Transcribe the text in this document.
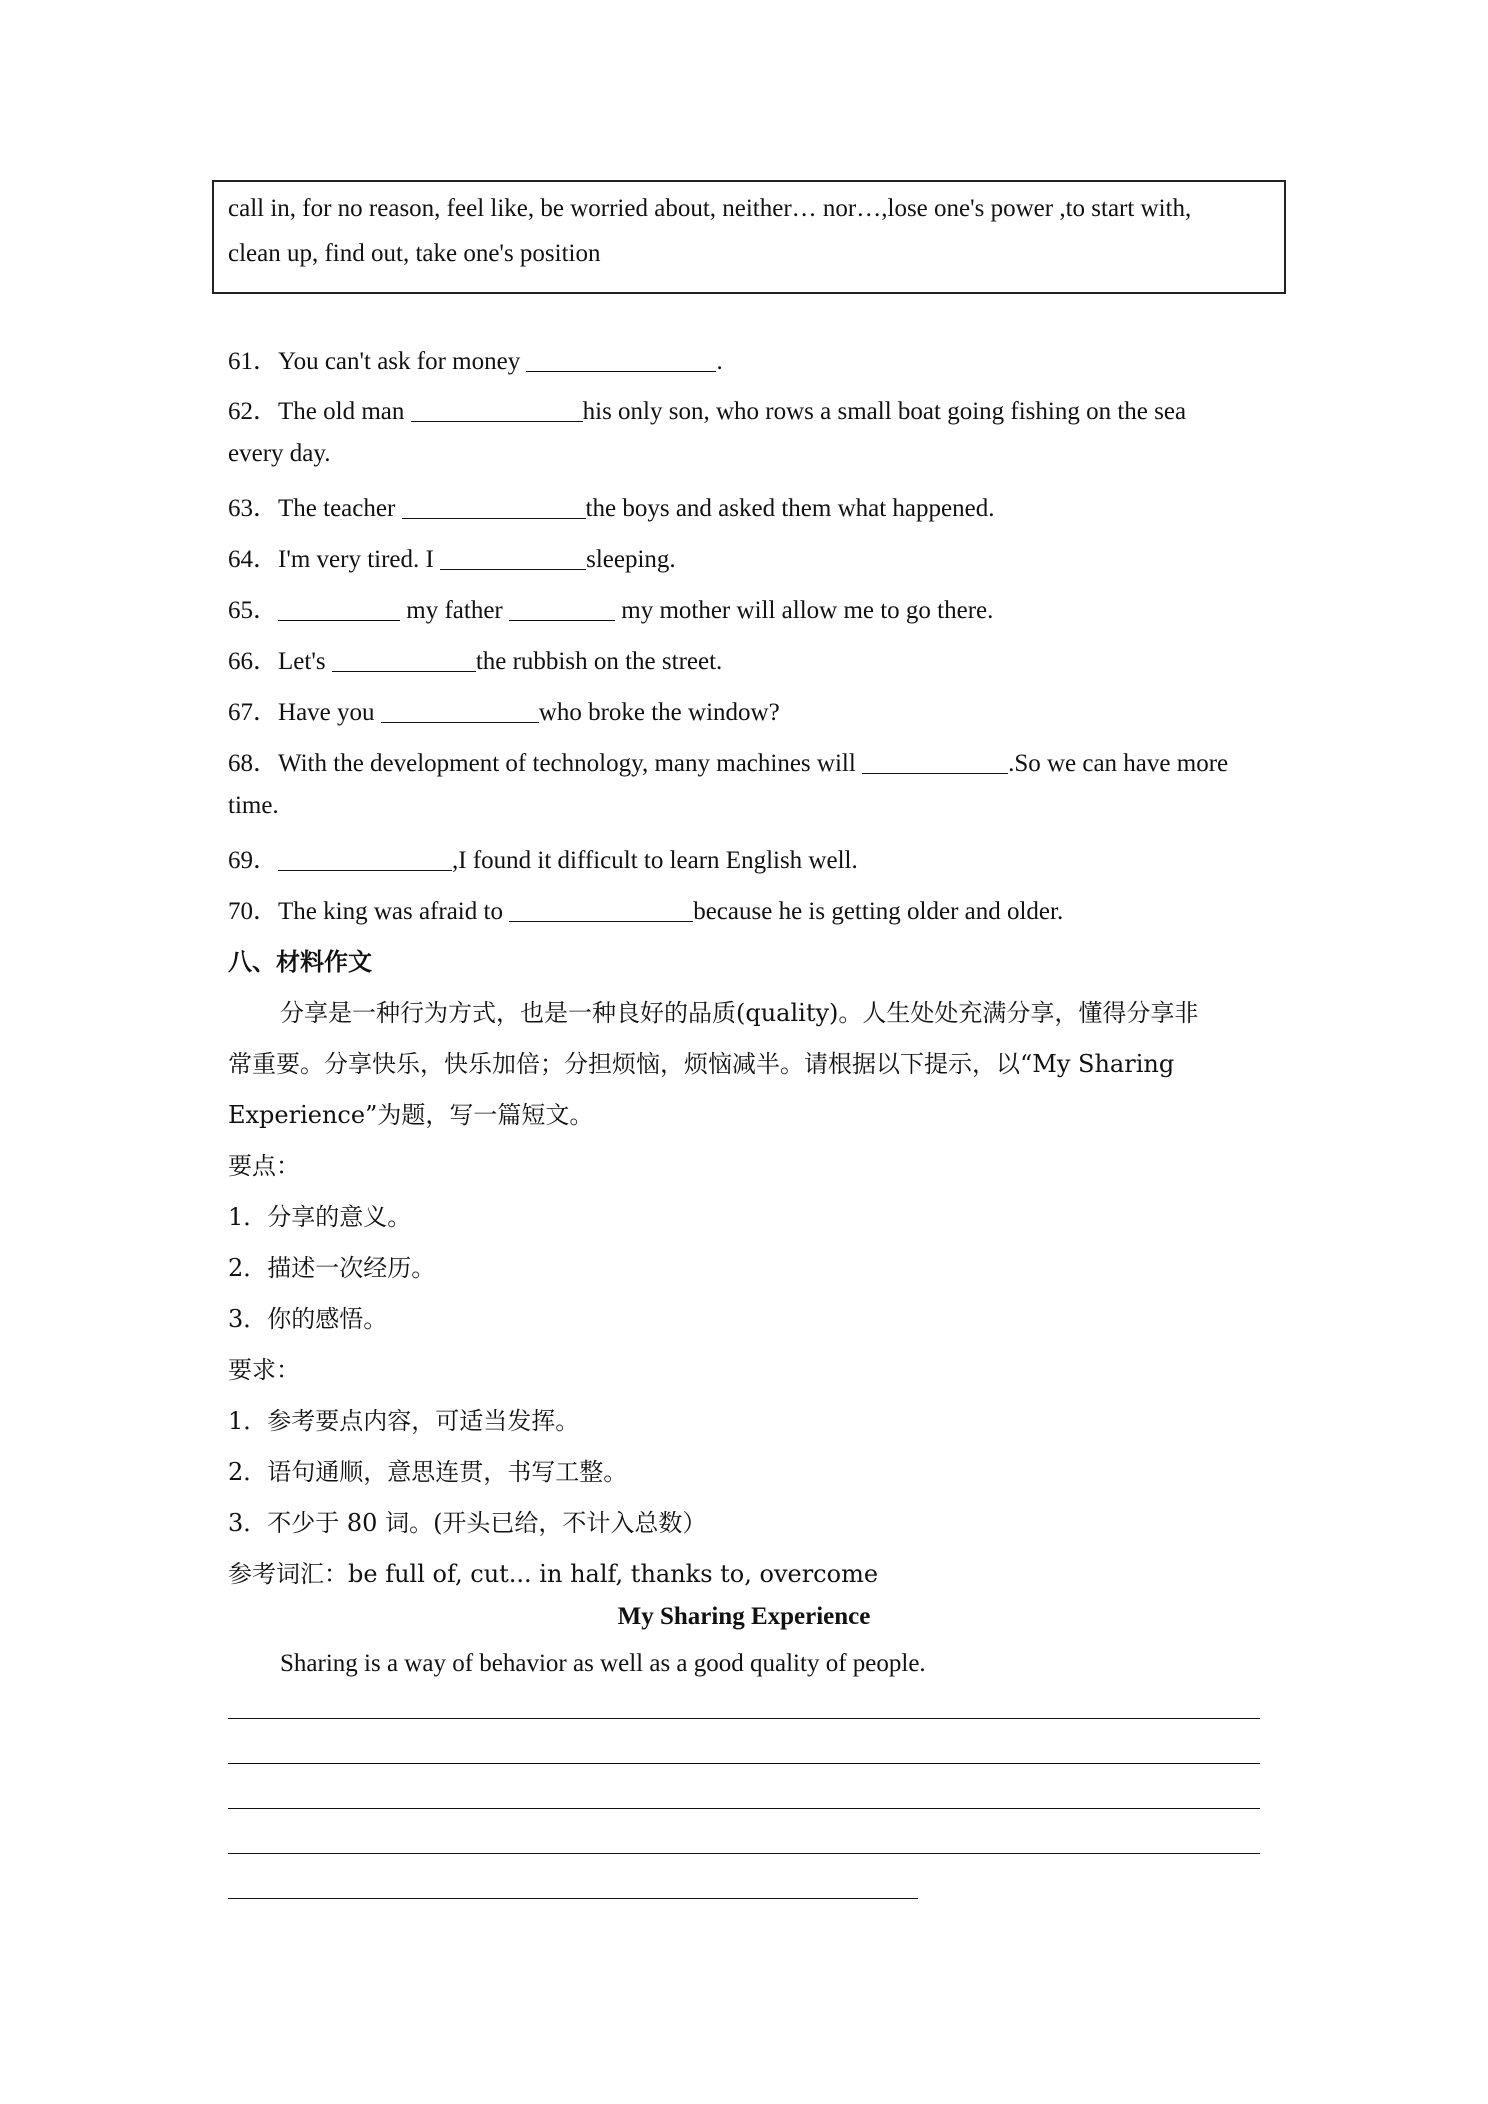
call in, for no reason, feel like, be worried about, neither… nor…,lose one's power ,to start with,
clean up, find out, take one's position
61．You can't ask for money	.
62．The old man	his only son, who rows a small boat going fishing on the sea
every day.
63．The teacher	the boys and asked them what happened.
64．I'm very tired. I	sleeping.
65．	my father	my mother will allow me to go there.
66．Let's	the rubbish on the street.
67．Have you	who broke the window?
68．With the development of technology, many machines will	.So we can have more
time.
69．	,I found it difficult to learn English well.
70．The king was afraid to	because he is getting older and older.
八、材料作文
分享是一种行为方式，也是一种良好的品质(quality)。人生处处充满分享，懂得分享非
常重要。分享快乐，快乐加倍；分担烦恼，烦恼减半。请根据以下提示，以“My Sharing
Experience”为题，写一篇短文。
要点：
1．分享的意义。
2．描述一次经历。
3．你的感悟。
要求：
1．参考要点内容，可适当发挥。
2．语句通顺，意思连贯，书写工整。
3．不少于 80 词。(开头已给，不计入总数）
参考词汇：be full of, cut... in half, thanks to, overcome
My Sharing Experience
Sharing is a way of behavior as well as a good quality of people.
